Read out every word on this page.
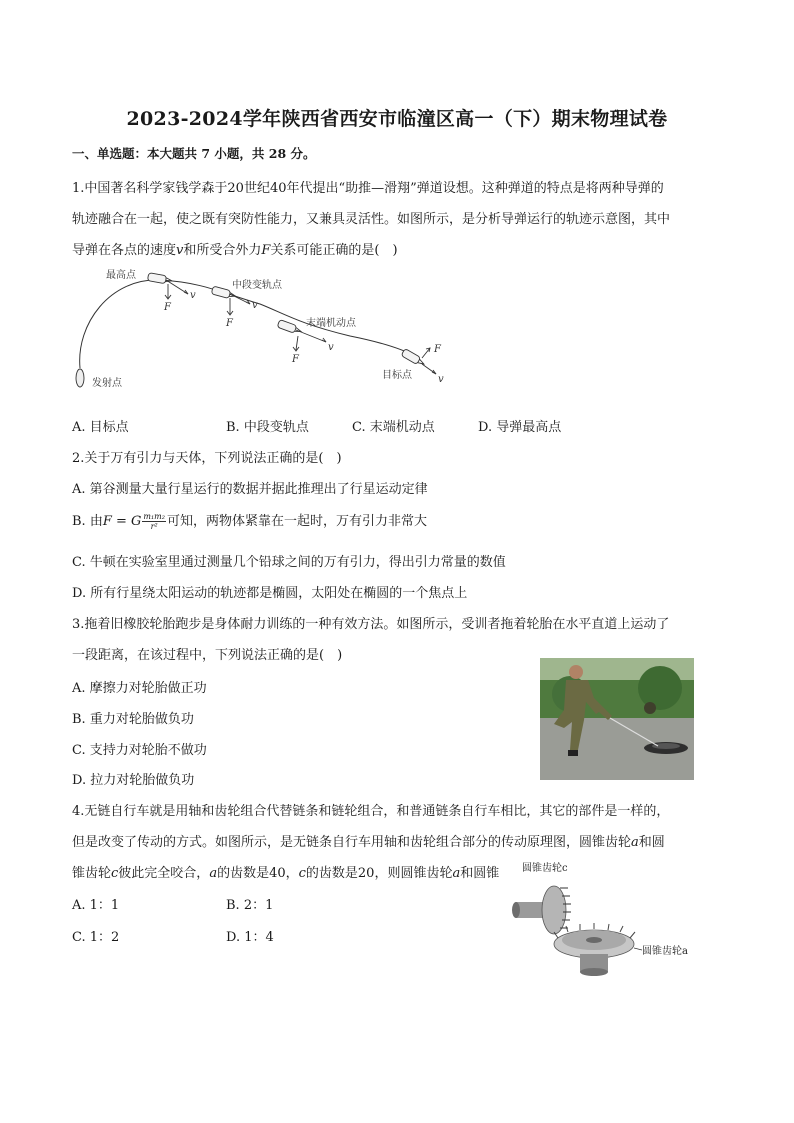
2023-2024学年陕西省西安市临潼区高一（下）期末物理试卷
一、单选题：本大题共 7 小题，共 28 分。
1.中国著名科学家钱学森于20世纪40年代提出“助推—滑翔”弹道设想。这种弹道的特点是将两种导弹的
轨迹融合在一起，使之既有突防性能力，又兼具灵活性。如图所示，是分析导弹运行的轨迹示意图，其中
导弹在各点的速度v和所受合外力F关系可能正确的是(　)
最高点
中段变轨点
末端机动点
目标点
发射点
F
v
F
v
F
v	F
v
A. 目标点	B. 中段变轨点	C. 末端机动点	D. 导弹最高点
2.关于万有引力与天体，下列说法正确的是(　)
A. 第谷测量大量行星运行的数据并据此推理出了行星运动定律
B. 由F = G $\frac{\text{m₁m₂}}{\text{r²}}$ 可知，两物体紧靠在一起时，万有引力非常大
C. 牛顿在实验室里通过测量几个铅球之间的万有引力，得出引力常量的数值
D. 所有行星绕太阳运动的轨迹都是椭圆，太阳处在椭圆的一个焦点上
3.拖着旧橡胶轮胎跑步是身体耐力训练的一种有效方法。如图所示，受训者拖着轮胎在水平直道上运动了
一段距离，在该过程中，下列说法正确的是(　)
A. 摩擦力对轮胎做正功
B. 重力对轮胎做负功
C. 支持力对轮胎不做功
D. 拉力对轮胎做负功
4.无链自行车就是用轴和齿轮组合代替链条和链轮组合，和普通链条自行车相比，其它的部件是一样的，
但是改变了传动的方式。如图所示，是无链条自行车用轴和齿轮组合部分的传动原理图，圆锥齿轮a和圆
锥齿轮c彼此完全咬合，a的齿数是40，c的齿数是20，则圆锥齿轮a和圆锥 圆锥齿轮c
圆锥齿轮a
A. 1：1	B. 2：1
C. 1：2	D. 1：4
